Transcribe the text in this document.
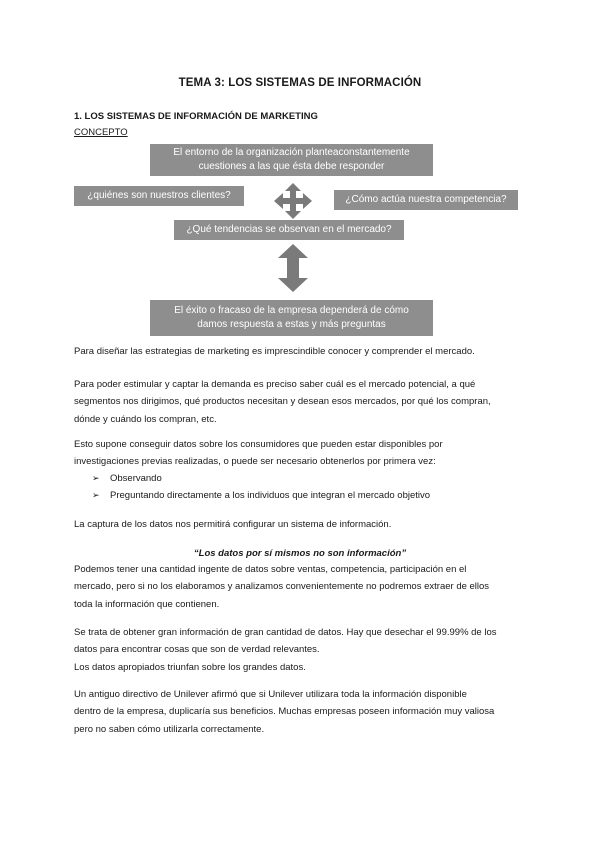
TEMA 3: LOS SISTEMAS DE INFORMACIÓN
1. LOS SISTEMAS DE INFORMACIÓN DE MARKETING
CONCEPTO
El entorno de la organización planteaconstantemente
cuestiones a las que ésta debe responder
¿quiénes son nuestros clientes?	¿Cómo actúa nuestra competencia?
¿Qué tendencias se observan en el mercado?
El éxito o fracaso de la empresa dependerá de cómo
damos respuesta a estas y más preguntas

Para diseñar las estrategias de marketing es imprescindible conocer y comprender el mercado.

Para poder estimular y captar la demanda es preciso saber cuál es el mercado potencial, a qué

segmentos nos dirigimos, qué productos necesitan y desean esos mercados, por qué los compran,

dónde y cuándo los compran, etc.

Esto supone conseguir datos sobre los consumidores que pueden estar disponibles por

investigaciones previas realizadas, o puede ser necesario obtenerlos por primera vez:

➢ Observando
➢ Preguntando directamente a los individuos que integran el mercado objetivo

La captura de los datos nos permitirá configurar un sistema de información.

“Los datos por sí mismos no son información”

Podemos tener una cantidad ingente de datos sobre ventas, competencia, participación en el

mercado, pero si no los elaboramos y analizamos convenientemente no podremos extraer de ellos

toda la información que contienen.

Se trata de obtener gran información de gran cantidad de datos. Hay que desechar el 99.99% de los

datos para encontrar cosas que son de verdad relevantes.

Los datos apropiados triunfan sobre los grandes datos.

Un antiguo directivo de Unilever afirmó que si Unilever utilizara toda la información disponible

dentro de la empresa, duplicaría sus beneficios. Muchas empresas poseen información muy valiosa

pero no saben cómo utilizarla correctamente.
